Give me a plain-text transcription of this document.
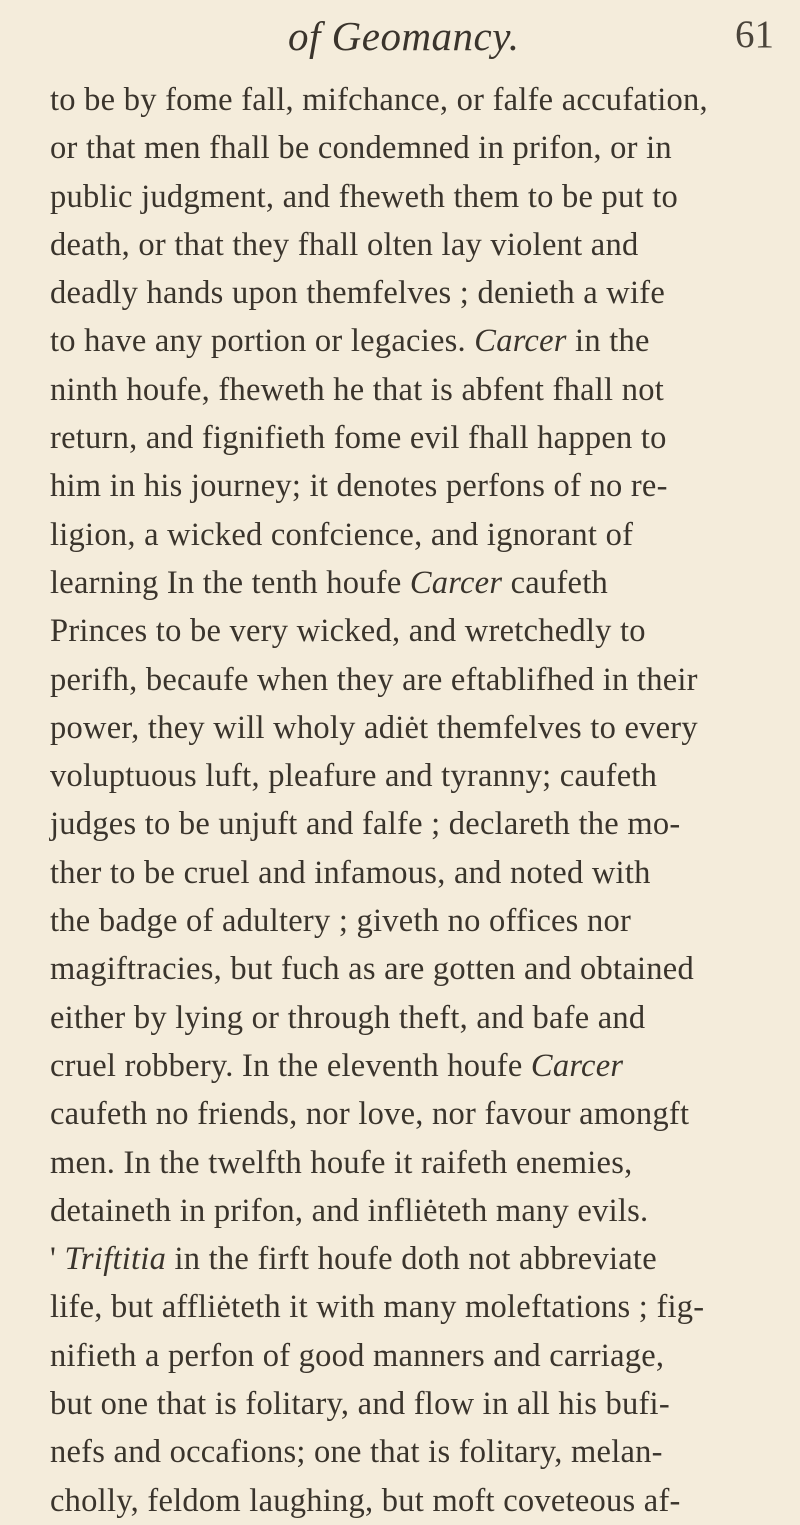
of Geomancy.	61
to be by fome fall, mifchance, or falfe accufation,
or that men fhall be condemned in prifon, or in
public judgment, and fheweth them to be put to
death, or that they fhall olten lay violent and
deadly hands upon themfelves ; denieth a wife
to have any portion or legacies. Carcer in the
ninth houfe, fheweth he that is abfent fhall not
return, and fignifieth fome evil fhall happen to
him in his journey; it denotes perfons of no re-
ligion, a wicked confcience, and ignorant of
learning In the tenth houfe Carcer caufeth
Princes to be very wicked, and wretchedly to
perifh, becaufe when they are eftablifhed in their
power, they will wholy adiėt themfelves to every
voluptuous luft, pleafure and tyranny; caufeth
judges to be unjuft and falfe ; declareth the mo-
ther to be cruel and infamous, and noted with
the badge of adultery ; giveth no offices nor
magiftracies, but fuch as are gotten and obtained
either by lying or through theft, and bafe and
cruel robbery. In the eleventh houfe Carcer
caufeth no friends, nor love, nor favour amongft
men. In the twelfth houfe it raifeth enemies,
detaineth in prifon, and infliėteth many evils.
' Triftitia in the firft houfe doth not abbreviate
life, but affliėteth it with many moleftations ; fig-
nifieth a perfon of good manners and carriage,
but one that is folitary, and flow in all his bufi-
nefs and occafions; one that is folitary, melan-
cholly, feldom laughing, but moft coveteous af-
